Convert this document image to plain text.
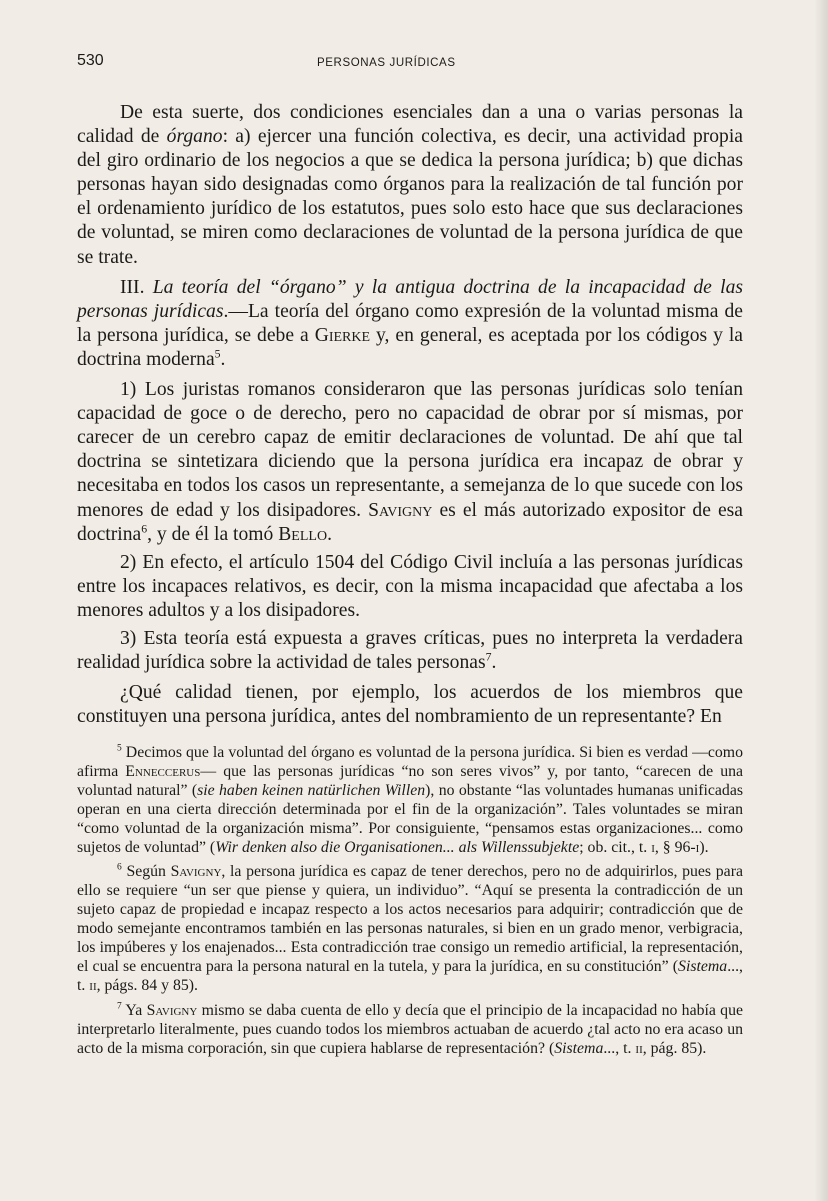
530	PERSONAS JURÍDICAS

De esta suerte, dos condiciones esenciales dan a una o varias personas la calidad de órgano: a) ejercer una función colectiva, es decir, una actividad propia del giro ordinario de los negocios a que se dedica la persona jurídica; b) que dichas personas hayan sido designadas como órganos para la realización de tal función por el ordenamiento jurídico de los estatutos, pues solo esto hace que sus declaraciones de voluntad, se miren como declaraciones de voluntad de la persona jurídica de que se trate.

III. La teoría del “órgano” y la antigua doctrina de la incapacidad de las personas jurídicas.—La teoría del órgano como expresión de la voluntad misma de la persona jurídica, se debe a Gierke y, en general, es aceptada por los códigos y la doctrina moderna$^5$.

1) Los juristas romanos consideraron que las personas jurídicas solo tenían capacidad de goce o de derecho, pero no capacidad de obrar por sí mismas, por carecer de un cerebro capaz de emitir declaraciones de voluntad. De ahí que tal doctrina se sintetizara diciendo que la persona jurídica era incapaz de obrar y necesitaba en todos los casos un representante, a semejanza de lo que sucede con los menores de edad y los disipadores. Savigny es el más autorizado expositor de esa doctrina$^6$, y de él la tomó Bello.

2) En efecto, el artículo 1504 del Código Civil incluía a las personas jurídicas entre los incapaces relativos, es decir, con la misma incapacidad que afectaba a los menores adultos y a los disipadores.

3) Esta teoría está expuesta a graves críticas, pues no interpreta la verdadera realidad jurídica sobre la actividad de tales personas$^7$.

¿Qué calidad tienen, por ejemplo, los acuerdos de los miembros que constituyen una persona jurídica, antes del nombramiento de un representante? En

$^5$ Decimos que la voluntad del órgano es voluntad de la persona jurídica. Si bien es verdad —como afirma Enneccerus— que las personas jurídicas “no son seres vivos” y, por tanto, “carecen de una voluntad natural” (sie haben keinen natürlichen Willen), no obstante “las voluntades humanas unificadas operan en una cierta dirección determinada por el fin de la organización”. Tales voluntades se miran “como voluntad de la organización misma”. Por consiguiente, “pensamos estas organizaciones... como sujetos de voluntad” (Wir denken also die Organisationen... als Willenssubjekte; ob. cit., t. i, § 96-i).

$^6$ Según Savigny, la persona jurídica es capaz de tener derechos, pero no de adquirirlos, pues para ello se requiere “un ser que piense y quiera, un individuo”. “Aquí se presenta la contradicción de un sujeto capaz de propiedad e incapaz respecto a los actos necesarios para adquirir; contradicción que de modo semejante encontramos también en las personas naturales, si bien en un grado menor, verbigracia, los impúberes y los enajenados... Esta contradicción trae consigo un remedio artificial, la representación, el cual se encuentra para la persona natural en la tutela, y para la jurídica, en su constitución” (Sistema..., t. ii, págs. 84 y 85).

$^7$ Ya Savigny mismo se daba cuenta de ello y decía que el principio de la incapacidad no había que interpretarlo literalmente, pues cuando todos los miembros actuaban de acuerdo ¿tal acto no era acaso un acto de la misma corporación, sin que cupiera hablarse de representación? (Sistema..., t. ii, pág. 85).
